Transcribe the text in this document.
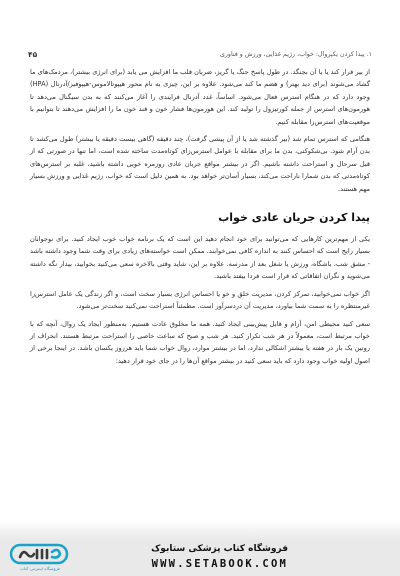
۱. پیدا کردن یکپروال: خواب، رژیم غذایی، ورزش و فناوری
۴۵

از بیر فرار کند یا با آن بجنگد. در طول پاسخ جنگ یا گریز، ضربان قلب ما افزایش می یابد (برای انرژی بیشتر)، مردمک‌های ما گشاد می‌شوند (برای دید بهتر) و هضم ما کند می‌شود. علاوه بر این، چیزی به نام محور هیپوتالاموس-هیپوفیز/آدرنال (HPA) وجود دارد که در هنگام استرس فعال می‌شود. اساساً، غدد آدرنال فرایندی را آغاز می‌کنند که به بدن سیگنال می‌دهد تا هورمون‌های استرس از جمله کورتیزول را تولید کند. این هورمون‌ها فشار خون و قند خون ما را افزایش می‌دهند تا بتوانیم با موقعیت‌های استرس‌زا مقابله کنیم.

هنگامی که استرس تمام شد (بیر گذشته شد یا از آن پیشی گرفت)، چند دقیقه (گاهی بیست دقیقه یا بیشتر) طول می‌کشد تا بدن آرام شود. بی‌شکوکتی، بدن ما برای مقابله با عوامل استرس‌زای کوتاه‌مدت ساخته شده است، اما تنها در صورتی که از قبل سرحال و استراحت داشته باشیم. اگر در بیشتر مواقع جریان عادی روزمره خوبی داشته باشید، غلبه بر استرس‌های کوتاه‌مدتی که بدن شمارا ناراحت می‌کند، بسیار آسان‌تر خواهد بود. به همین دلیل است که خواب، رژیم غذایی و ورزش بسیار مهم هستند.

پیدا کردن جریان عادی خواب

یکی از مهم‌ترین کارهایی که می‌توانید برای خود انجام دهید این است که یک برنامه خواب خوب ایجاد کنید. برای نوجوانان بسیار رایج است که احساس کنند به اندازه کافی نمی‌خوابند. ممکن است خواسته‌های زیادی برای وقت شما وجود داشته باشد - مشق شب، باشگاه، ورزش یا شغل بعد از مدرسه. علاوه بر این، شاید وقتی بالاخره سعی می‌کنید بخوابید، بیدار نگه داشته می‌شوید و نگران اتفاقاتی که قرار است فردا بیفتد باشید.

اگر خواب نمی‌خوابید، تمرکز کردن، مدیریت خلق و خو یا احساس انرژی بسیار سخت است، و اگر زندگی یک عامل استرس‌زا غیرمنتظره را به سمت شما بیاورد، مدیریت آن دردسرآور است. مطمئناً استراحت نمی‌کنید سخت‌تر می‌شود.

سعی کنید محیطی امن، آرام و قابل پیش‌بینی ایجاد کنید. همه ما مخلوق عادت هستیم. به‌منظور ایجاد یک روال، آنچه که با خواب مرتبط است، معمولاً در هر شب تکرار کنید. هر شب و صبح که ساعت خاصی را استراحت مرتبط هستند. انحراف از روتین یک بار در هفته یا بیشتر اشکالی ندارد، اما در بیشتر موارد، روال خواب شما باید هرروز یکسان باشد. در اینجا برخی از اصول اولیه خواب وجود دارد که باید سعی کنید در بیشتر مواقع آن‌ها را در جای خود قرار دهید:

فروشگاه اینترنتی کتاب
فروشگاه کتاب پزشکی ستابوک
WWW.SETABOOK.COM
